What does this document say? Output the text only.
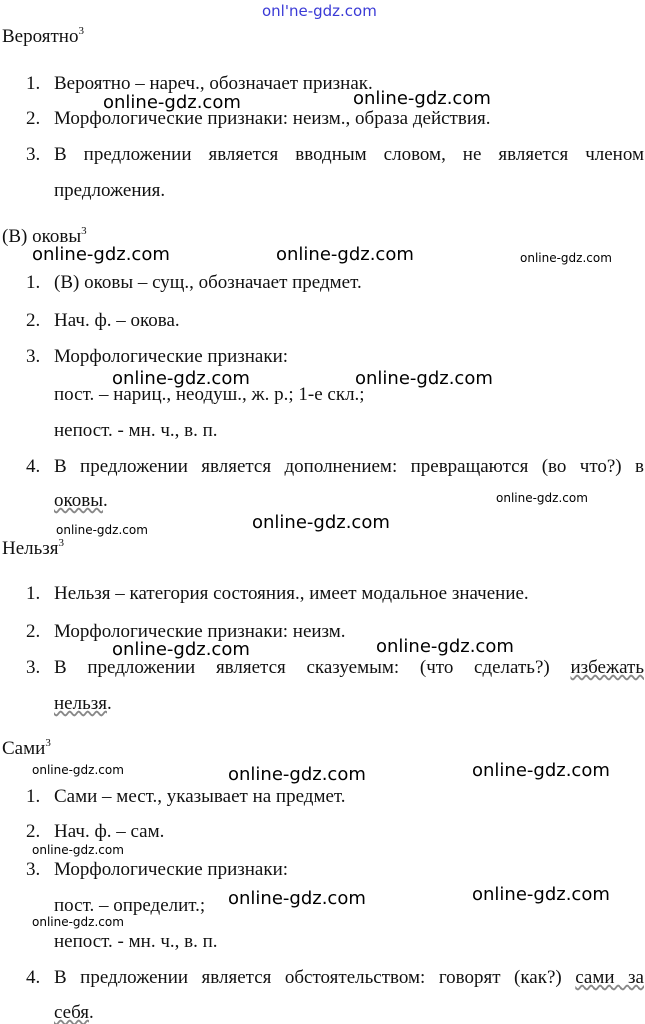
onl'ne-gdz.com
Вероятно$^3$
1. Вероятно – нареч., обозначает признак.
2. Морфологические признаки: неизм., образа действия.
3. В предложении является вводным словом, не является членом
предложения.
(В) оковы$^3$
1. (В) оковы – сущ., обозначает предмет.
2. Нач. ф. – окова.
3. Морфологические признаки:
пост. – нариц., неодуш., ж. р.; 1-е скл.;
непост. - мн. ч., в. п.
4. В предложении является дополнением: превращаются (во что?) в
оковы.
Нельзя$^3$
1. Нельзя – категория состояния., имеет модальное значение.
2. Морфологические признаки: неизм.
3. В предложении является сказуемым: (что сделать?) избежать
нельзя.
Сами$^3$
1. Сами – мест., указывает на предмет.
2. Нач. ф. – сам.
3. Морфологические признаки:
пост. – определит.;
непост. - мн. ч., в. п.
4. В предложении является обстоятельством: говорят (как?) сами за
себя.
online-gdz.com	online-gdz.com
online-gdz.com	online-gdz.com	online-gdz.com
online-gdz.com	online-gdz.com
online-gdz.com
online-gdz.com	online-gdz.com
online-gdz.com	online-gdz.com
online-gdz.com	online-gdz.com	online-gdz.com
online-gdz.com
online-gdz.com	online-gdz.com
online-gdz.com
